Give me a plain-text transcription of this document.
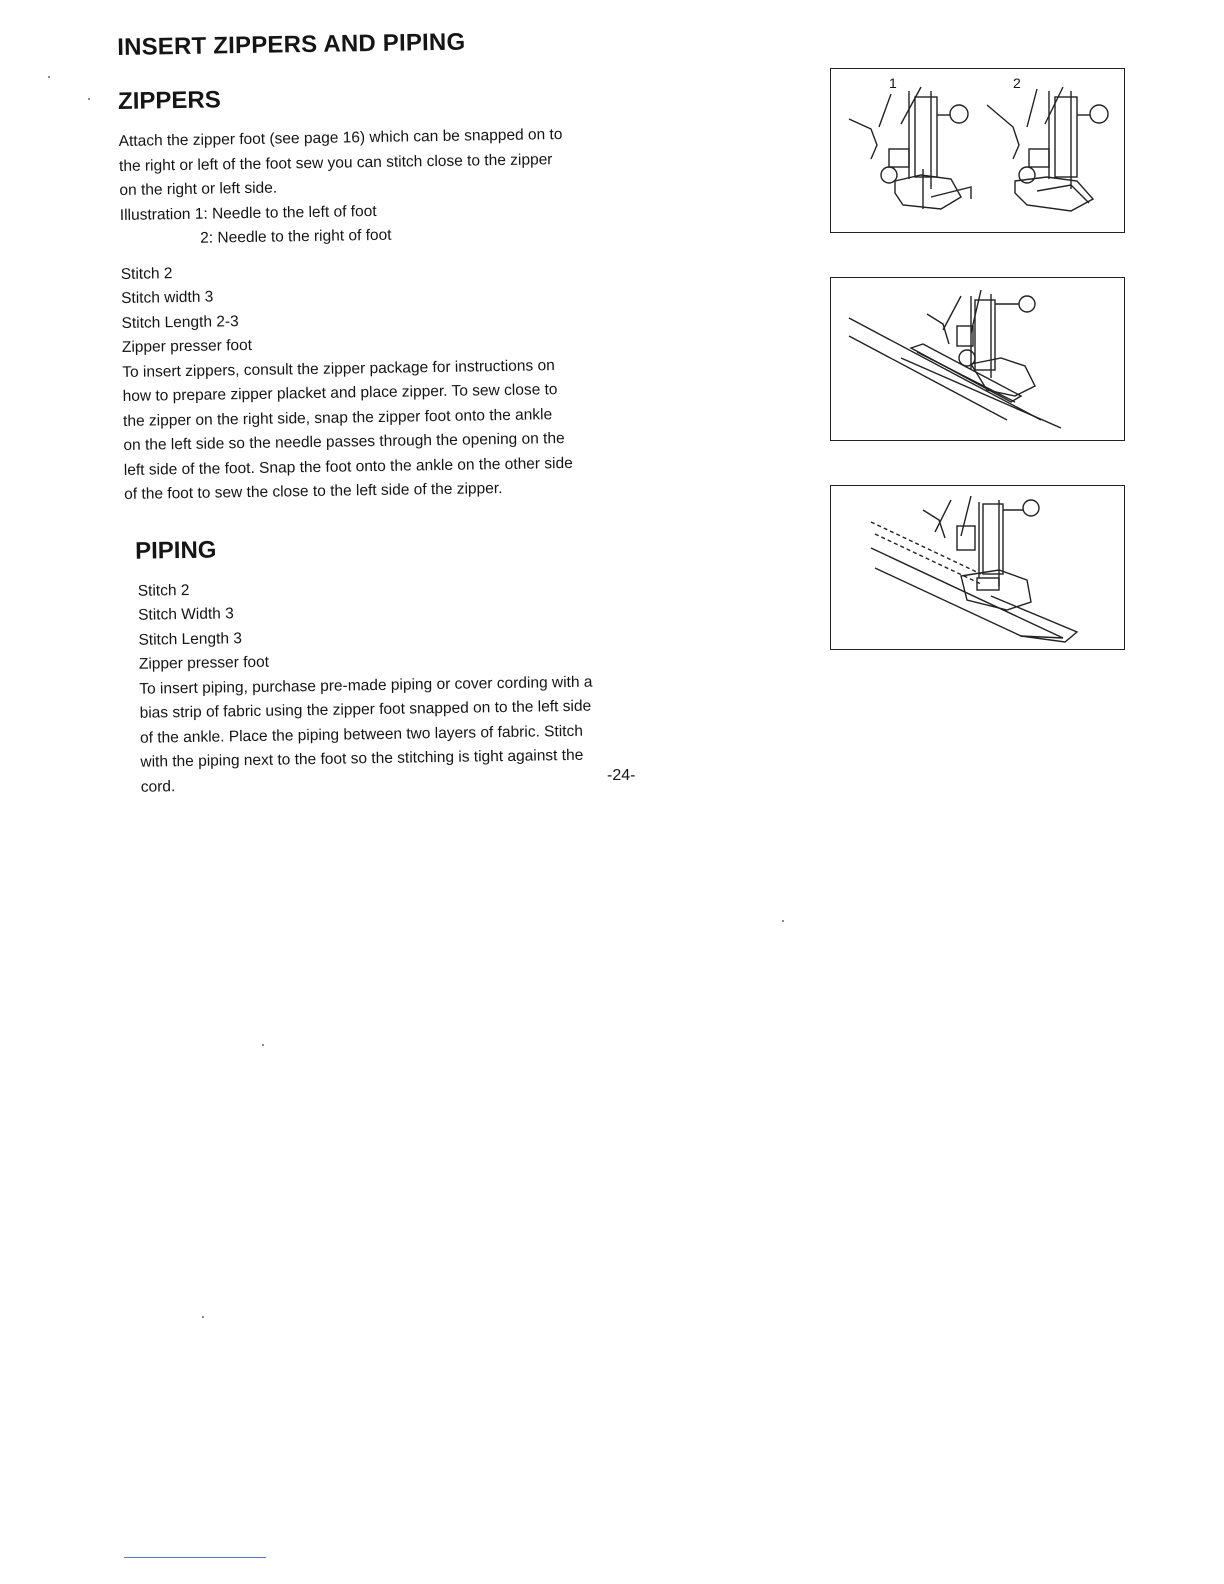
INSERT ZIPPERS AND PIPING
ZIPPERS

Attach the zipper foot (see page 16) which can be snapped on to

the right or left of the foot sew you can stitch close to the zipper

on the right or left side.

Illustration 1: Needle to the left of foot

2: Needle to the right of foot

Stitch 2

Stitch width 3

Stitch Length 2-3

Zipper presser foot

To insert zippers, consult the zipper package for instructions on

how to prepare zipper placket and place zipper. To sew close to

the zipper on the right side, snap the zipper foot onto the ankle

on the left side so the needle passes through the opening on the

left side of the foot. Snap the foot onto the ankle on the other side

of the foot to sew the close to the left side of the zipper.

PIPING

Stitch 2

Stitch Width 3

Stitch Length 3

Zipper presser foot

To insert piping, purchase pre-made piping or cover cording with a

bias strip of fabric using the zipper foot snapped on to the left side

of the ankle. Place the piping between two layers of fabric. Stitch

with the piping next to the foot so the stitching is tight against the

cord.

-24-
1	2
